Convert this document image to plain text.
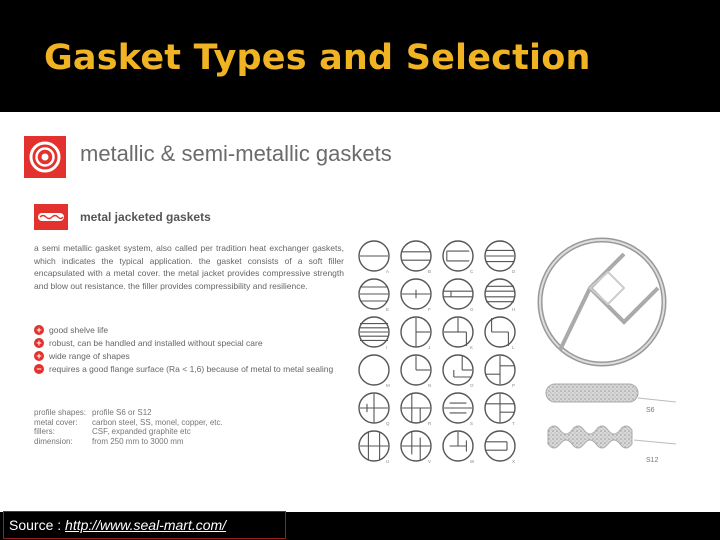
Gasket Types and Selection
metallic & semi-metallic gaskets
metal jacketed gaskets

a semi metallic gasket system, also called per tradition heat exchanger gaskets, which indicates the typical application. the gasket consists of a soft filler encapsulated with a metal cover. the metal jacket provides compressive strength and blow out resistance. the filler provides compressibility and resilience.

+ good shelve life
+ robust, can be handled and installed without special care
+ wide range of shapes
− requires a good flange surface (Ra < 1,6) because of metal to metal sealing
profile shapes:	profile S6 or S12
metal cover:	carbon steel, SS, monel, copper, etc.
fillers:	CSF, expanded graphite etc
dimension:	from 250 mm to 3000 mm
A	B	C	D
E	F	G	H
I	J	K	L
M	N	O	P
Q	R	S	T
U	V	W	X
S6
S12
Source : http://www.seal-mart.com/
